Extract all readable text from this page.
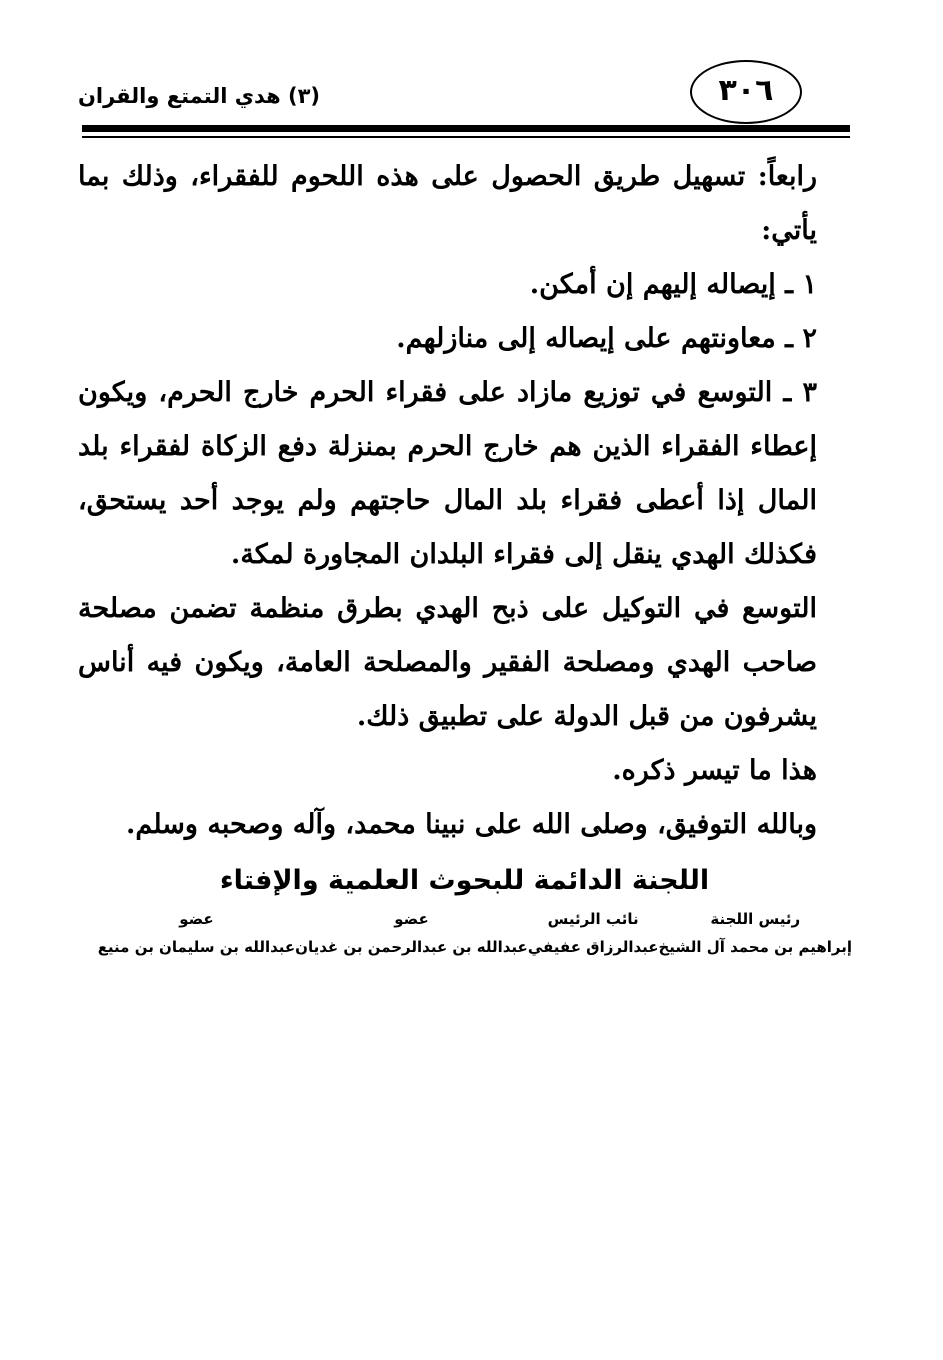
٣٠٦
(٣) هدي التمتع والقران

رابعاً: تسهيل طريق الحصول على هذه اللحوم للفقراء، وذلك بما يأتي:

١ ـ إيصاله إليهم إن أمكن.

٢ ـ معاونتهم على إيصاله إلى منازلهم.

٣ ـ التوسع في توزيع مازاد على فقراء الحرم خارج الحرم، ويكون إعطاء الفقراء الذين هم خارج الحرم بمنزلة دفع الزكاة لفقراء بلد المال إذا أعطى فقراء بلد المال حاجتهم ولم يوجد أحد يستحق، فكذلك الهدي ينقل إلى فقراء البلدان المجاورة لمكة.

التوسع في التوكيل على ذبح الهدي بطرق منظمة تضمن مصلحة صاحب الهدي ومصلحة الفقير والمصلحة العامة، ويكون فيه أناس يشرفون من قبل الدولة على تطبيق ذلك.

هذا ما تيسر ذكره.

وبالله التوفيق، وصلى الله على نبينا محمد، وآله وصحبه وسلم.

اللجنة الدائمة للبحوث العلمية والإفتاء

رئيس اللجنة
إبراهيم بن محمد آل الشيخ
نائب الرئيس
عبدالرزاق عفيفي
عضو
عبدالله بن عبدالرحمن بن غديان
عضو
عبدالله بن سليمان بن منيع
